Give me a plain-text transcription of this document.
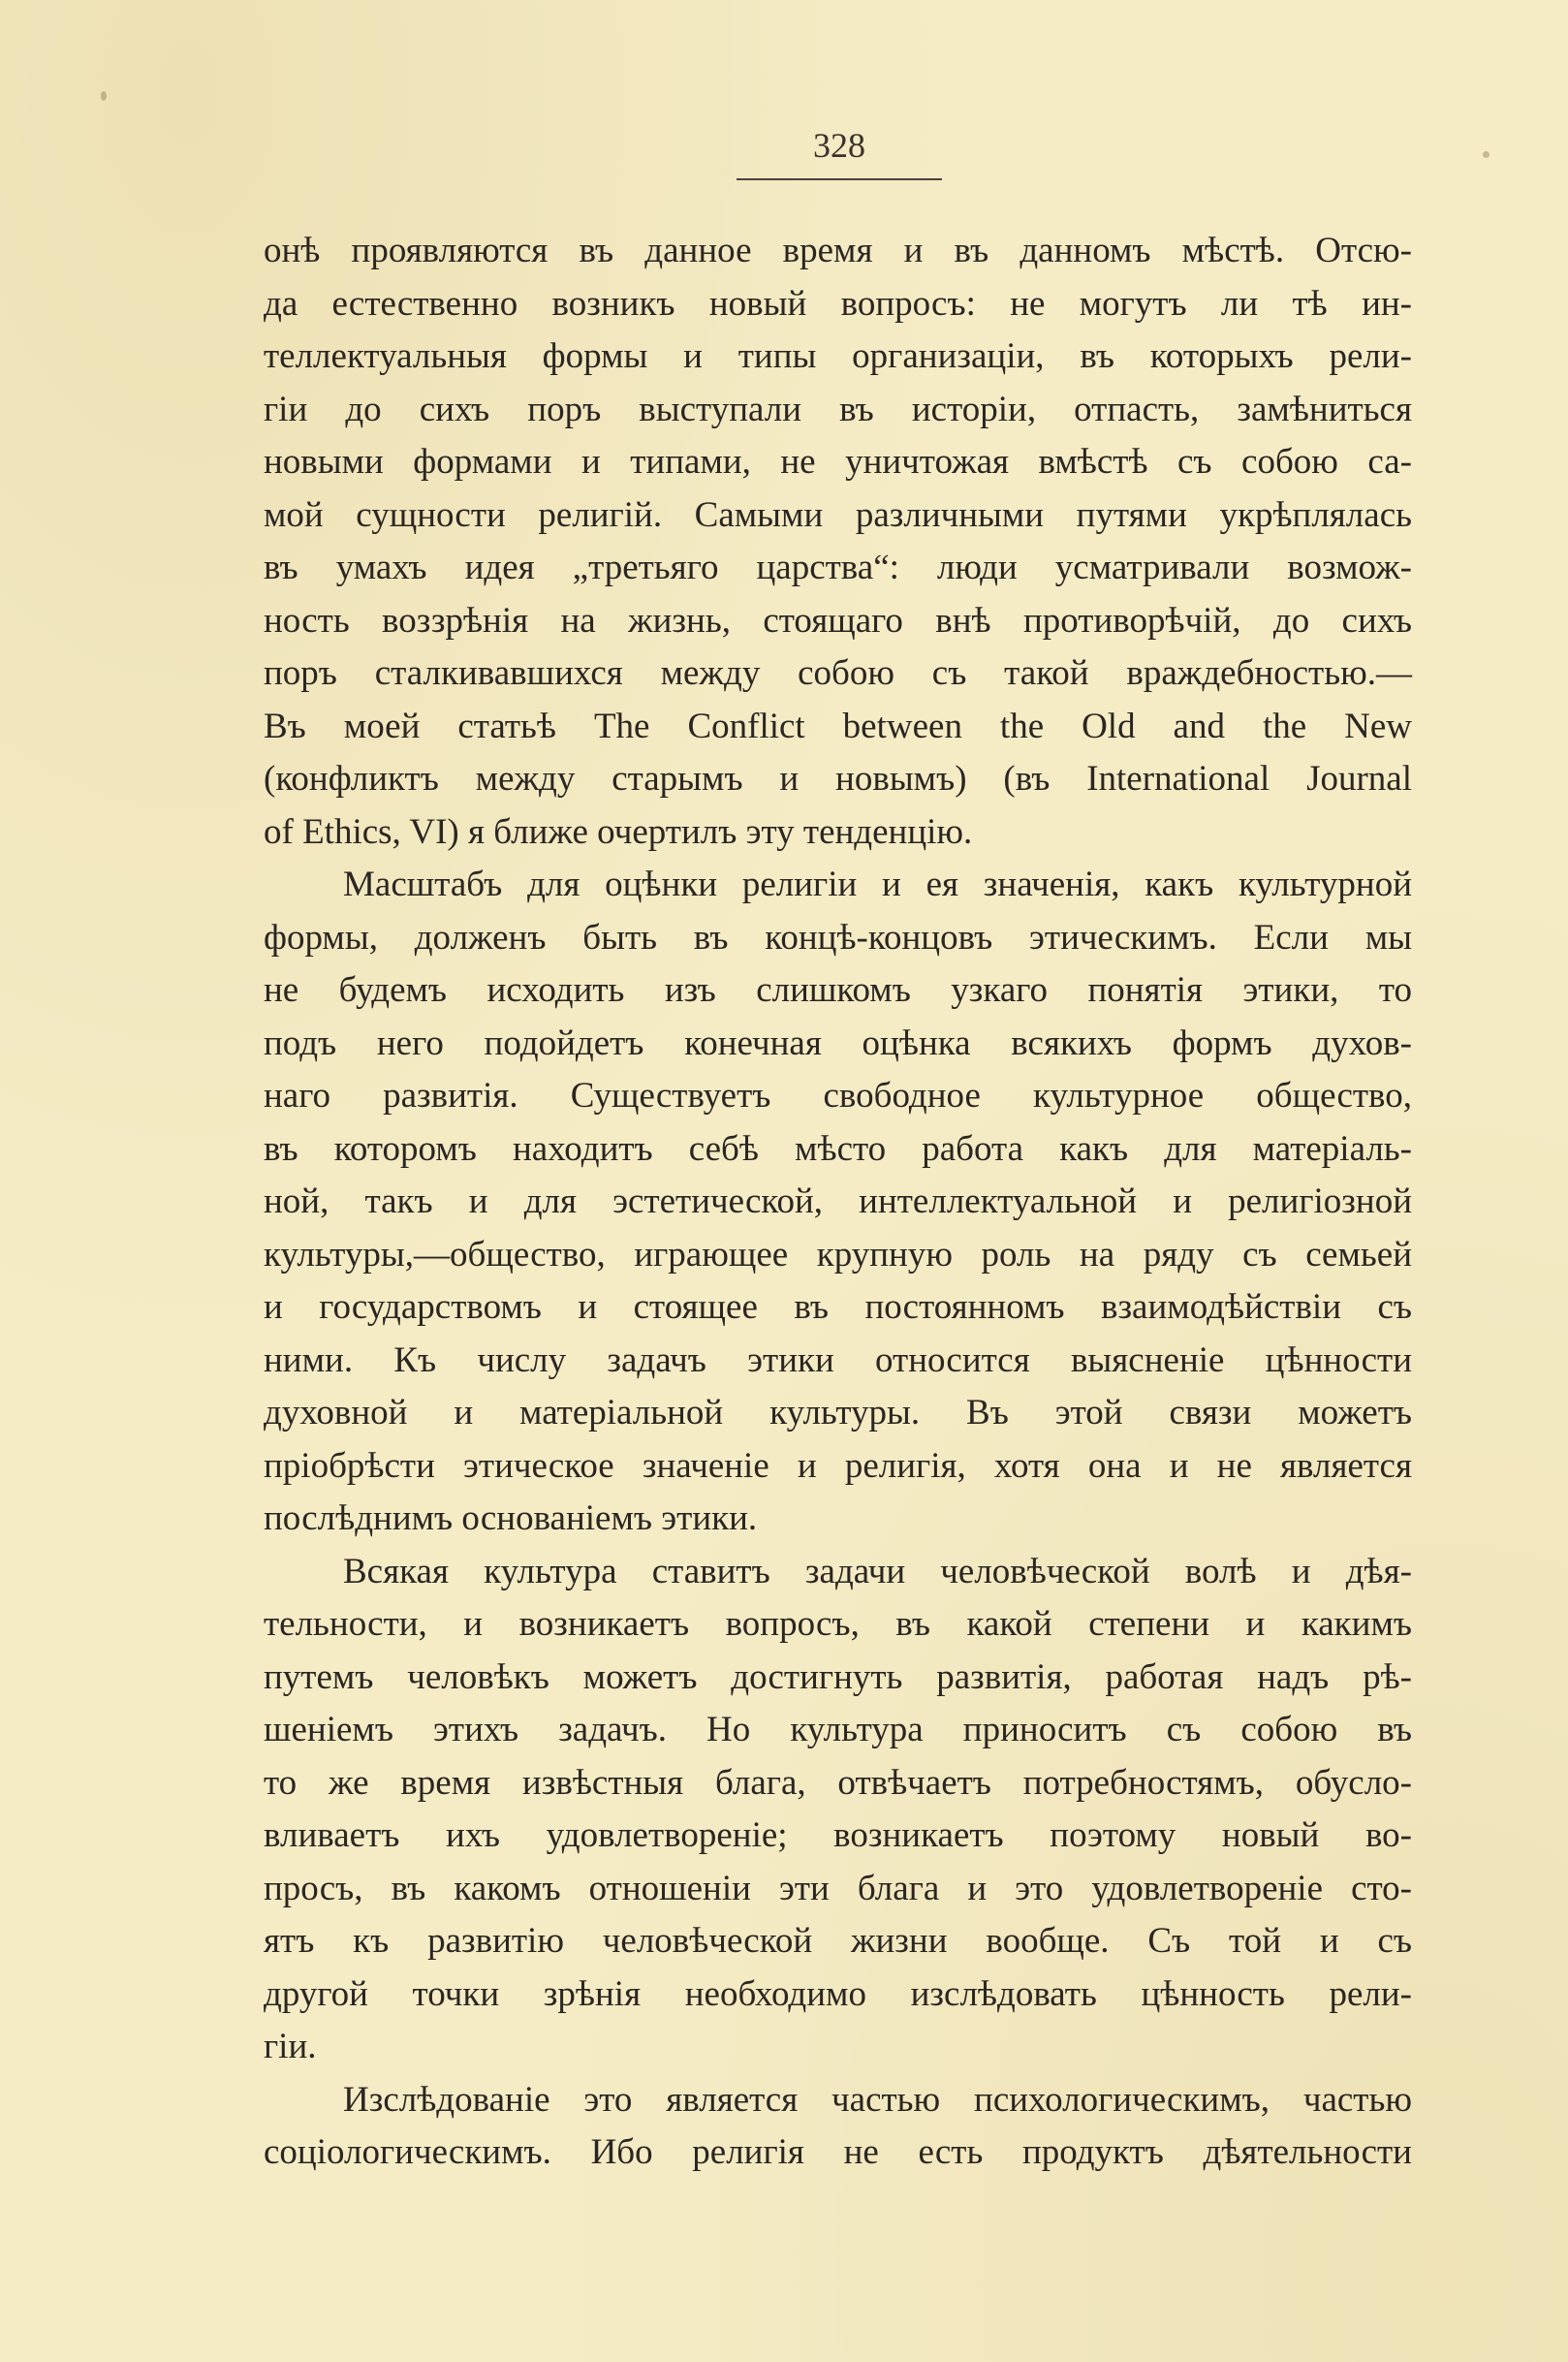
328
онѣ проявляются въ данное время и въ данномъ мѣстѣ. Отсю-
да естественно возникъ новый вопросъ: не могутъ ли тѣ ин-
теллектуальныя формы и типы организаціи, въ которыхъ рели-
гіи до сихъ поръ выступали въ исторіи, отпасть, замѣниться
новыми формами и типами, не уничтожая вмѣстѣ съ собою са-
мой сущности религій. Самыми различными путями укрѣплялась
въ умахъ идея „третьяго царства“: люди усматривали возмож-
ность воззрѣнія на жизнь, стоящаго внѣ противорѣчій, до сихъ
поръ сталкивавшихся между собою съ такой враждебностью.—
Въ моей статьѣ The Conflict between the Old and the New
(конфликтъ между старымъ и новымъ) (въ International Journal
of Ethics, VI) я ближе очертилъ эту тенденцію.
Масштабъ для оцѣнки религіи и ея значенія, какъ культурной
формы, долженъ быть въ концѣ-концовъ этическимъ. Если мы
не будемъ исходить изъ слишкомъ узкаго понятія этики, то
подъ него подойдетъ конечная оцѣнка всякихъ формъ духов-
наго развитія. Существуетъ свободное культурное общество,
въ которомъ находитъ себѣ мѣсто работа какъ для матеріаль-
ной, такъ и для эстетической, интеллектуальной и религіозной
культуры,—общество, играющее крупную роль на ряду съ семьей
и государствомъ и стоящее въ постоянномъ взаимодѣйствіи съ
ними. Къ числу задачъ этики относится выясненіе цѣнности
духовной и матеріальной культуры. Въ этой связи можетъ
пріобрѣсти этическое значеніе и религія, хотя она и не является
послѣднимъ основаніемъ этики.
Всякая культура ставитъ задачи человѣческой волѣ и дѣя-
тельности, и возникаетъ вопросъ, въ какой степени и какимъ
путемъ человѣкъ можетъ достигнуть развитія, работая надъ рѣ-
шеніемъ этихъ задачъ. Но культура приноситъ съ собою въ
то же время извѣстныя блага, отвѣчаетъ потребностямъ, обусло-
вливаетъ ихъ удовлетвореніе; возникаетъ поэтому новый во-
просъ, въ какомъ отношеніи эти блага и это удовлетвореніе сто-
ятъ къ развитію человѣческой жизни вообще. Съ той и съ
другой точки зрѣнія необходимо изслѣдовать цѣнность рели-
гіи.
Изслѣдованіе это является частью психологическимъ, частью
соціологическимъ. Ибо религія не есть продуктъ дѣятельности
